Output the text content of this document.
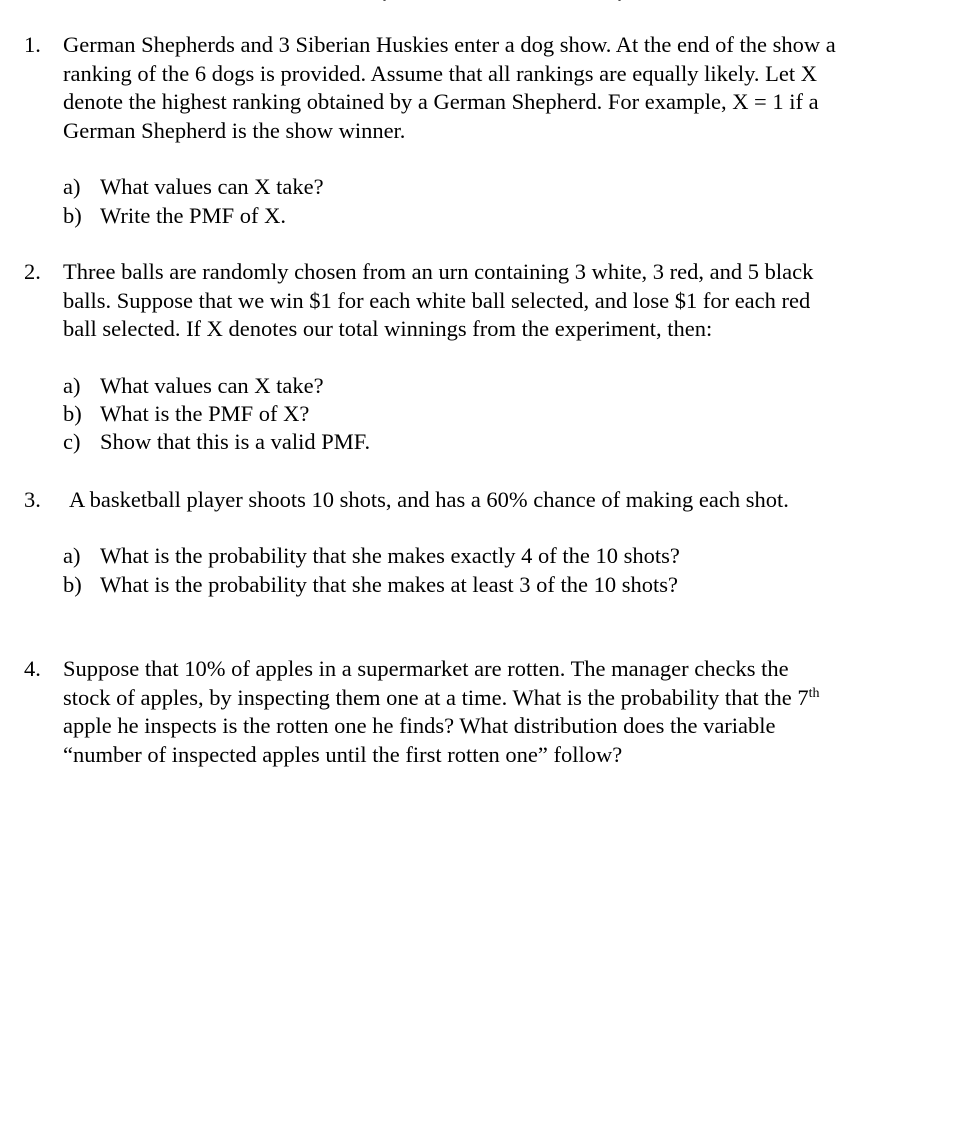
1. German Shepherds and 3 Siberian Huskies enter a dog show. At the end of the show a
ranking of the 6 dogs is provided. Assume that all rankings are equally likely. Let X
denote the highest ranking obtained by a German Shepherd. For example, X = 1 if a
German Shepherd is the show winner.
a) What values can X take?
b) Write the PMF of X.
2. Three balls are randomly chosen from an urn containing 3 white, 3 red, and 5 black
balls. Suppose that we win $1 for each white ball selected, and lose $1 for each red
ball selected. If X denotes our total winnings from the experiment, then:
a) What values can X take?
b) What is the PMF of X?
c) Show that this is a valid PMF.
3. A basketball player shoots 10 shots, and has a 60% chance of making each shot.
a) What is the probability that she makes exactly 4 of the 10 shots?
b) What is the probability that she makes at least 3 of the 10 shots?
4. Suppose that 10% of apples in a supermarket are rotten. The manager checks the
stock of apples, by inspecting them one at a time. What is the probability that the 7th
apple he inspects is the rotten one he finds? What distribution does the variable
“number of inspected apples until the first rotten one” follow?
